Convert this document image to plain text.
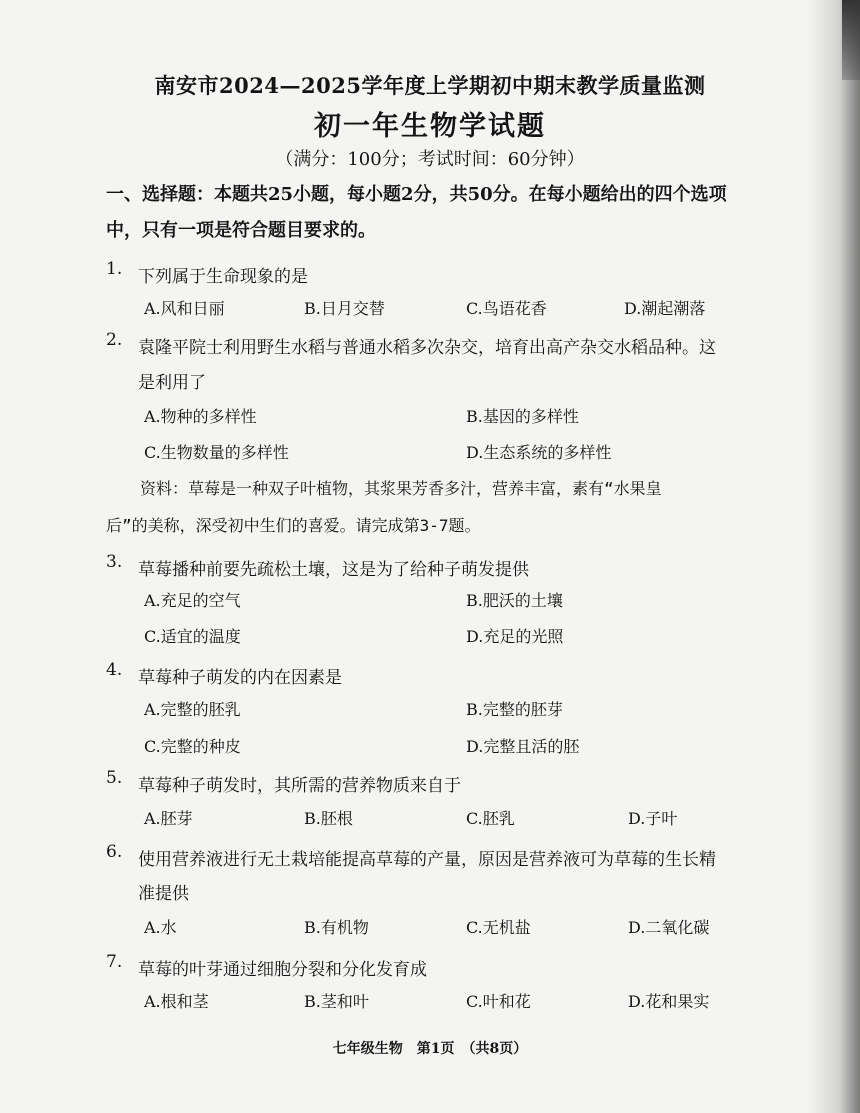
南安市2024—2025学年度上学期初中期末教学质量监测
初一年生物学试题
（满分：100分；考试时间：60分钟）
一、选择题：本题共25小题，每小题2分，共50分。在每小题给出的四个选项
中，只有一项是符合题目要求的。
1. 下列属于生命现象的是
A.风和日丽	B.日月交替	C.鸟语花香	D.潮起潮落
2. 袁隆平院士利用野生水稻与普通水稻多次杂交，培育出高产杂交水稻品种。这
是利用了
A.物种的多样性	B.基因的多样性
C.生物数量的多样性	D.生态系统的多样性
资料：草莓是一种双子叶植物，其浆果芳香多汁，营养丰富，素有“水果皇
后”的美称，深受初中生们的喜爱。请完成第3-7题。
3. 草莓播种前要先疏松土壤，这是为了给种子萌发提供
A.充足的空气	B.肥沃的土壤
C.适宜的温度	D.充足的光照
4. 草莓种子萌发的内在因素是
A.完整的胚乳	B.完整的胚芽
C.完整的种皮	D.完整且活的胚
5. 草莓种子萌发时，其所需的营养物质来自于
A.胚芽	B.胚根	C.胚乳	D.子叶
6. 使用营养液进行无土栽培能提高草莓的产量，原因是营养液可为草莓的生长精
准提供
A.水	B.有机物	C.无机盐	D.二氧化碳
7. 草莓的叶芽通过细胞分裂和分化发育成
A.根和茎	B.茎和叶	C.叶和花	D.花和果实
七年级生物　第1页　（共8页）
